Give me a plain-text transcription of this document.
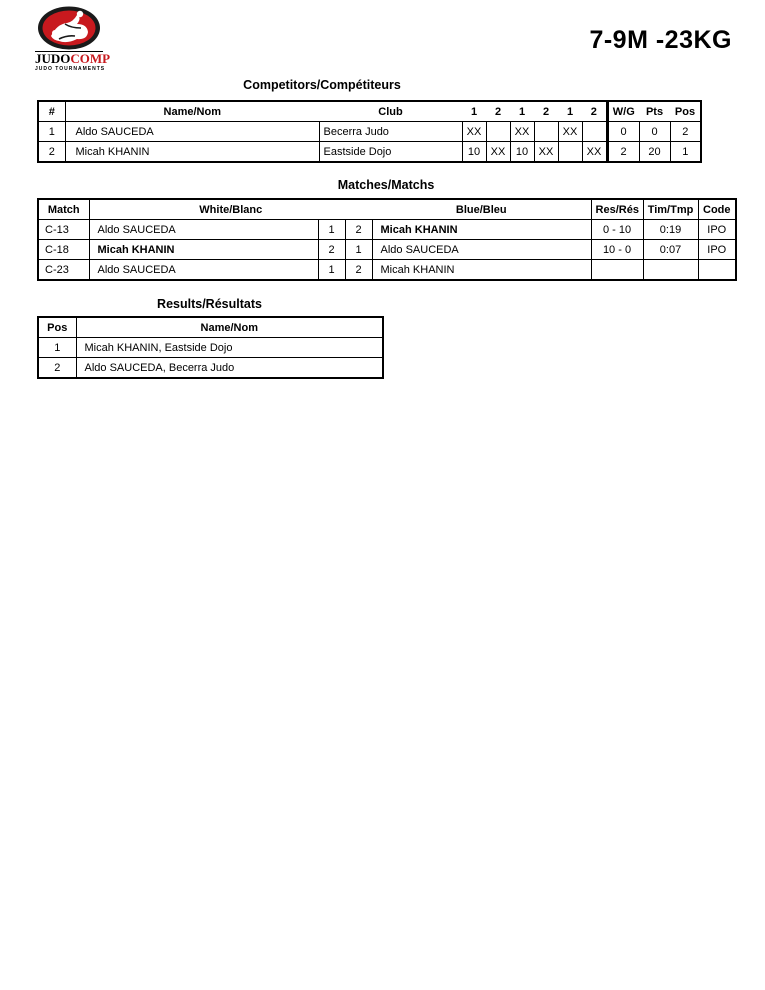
JUDOCOMP
JUDO TOURNAMENTS
7-9M -23KG
Competitors/Compétiteurs
#	Name/Nom	Club	1	2	1	2	1	2	W/G	Pts	Pos
1	Aldo SAUCEDA	Becerra Judo	XX		XX		XX		0	0	2
2	Micah KHANIN	Eastside Dojo	10	XX	10	XX		XX	2	20	1
Matches/Matchs
Match	White/Blanc			Blue/Bleu	Res/Rés	Tim/Tmp	Code
C-13	Aldo SAUCEDA	1	2	Micah KHANIN	0 - 10	0:19	IPO
C-18	Micah KHANIN	2	1	Aldo SAUCEDA	10 - 0	0:07	IPO
C-23	Aldo SAUCEDA	1	2	Micah KHANIN			
Results/Résultats
Pos	Name/Nom
1	Micah KHANIN, Eastside Dojo
2	Aldo SAUCEDA, Becerra Judo
